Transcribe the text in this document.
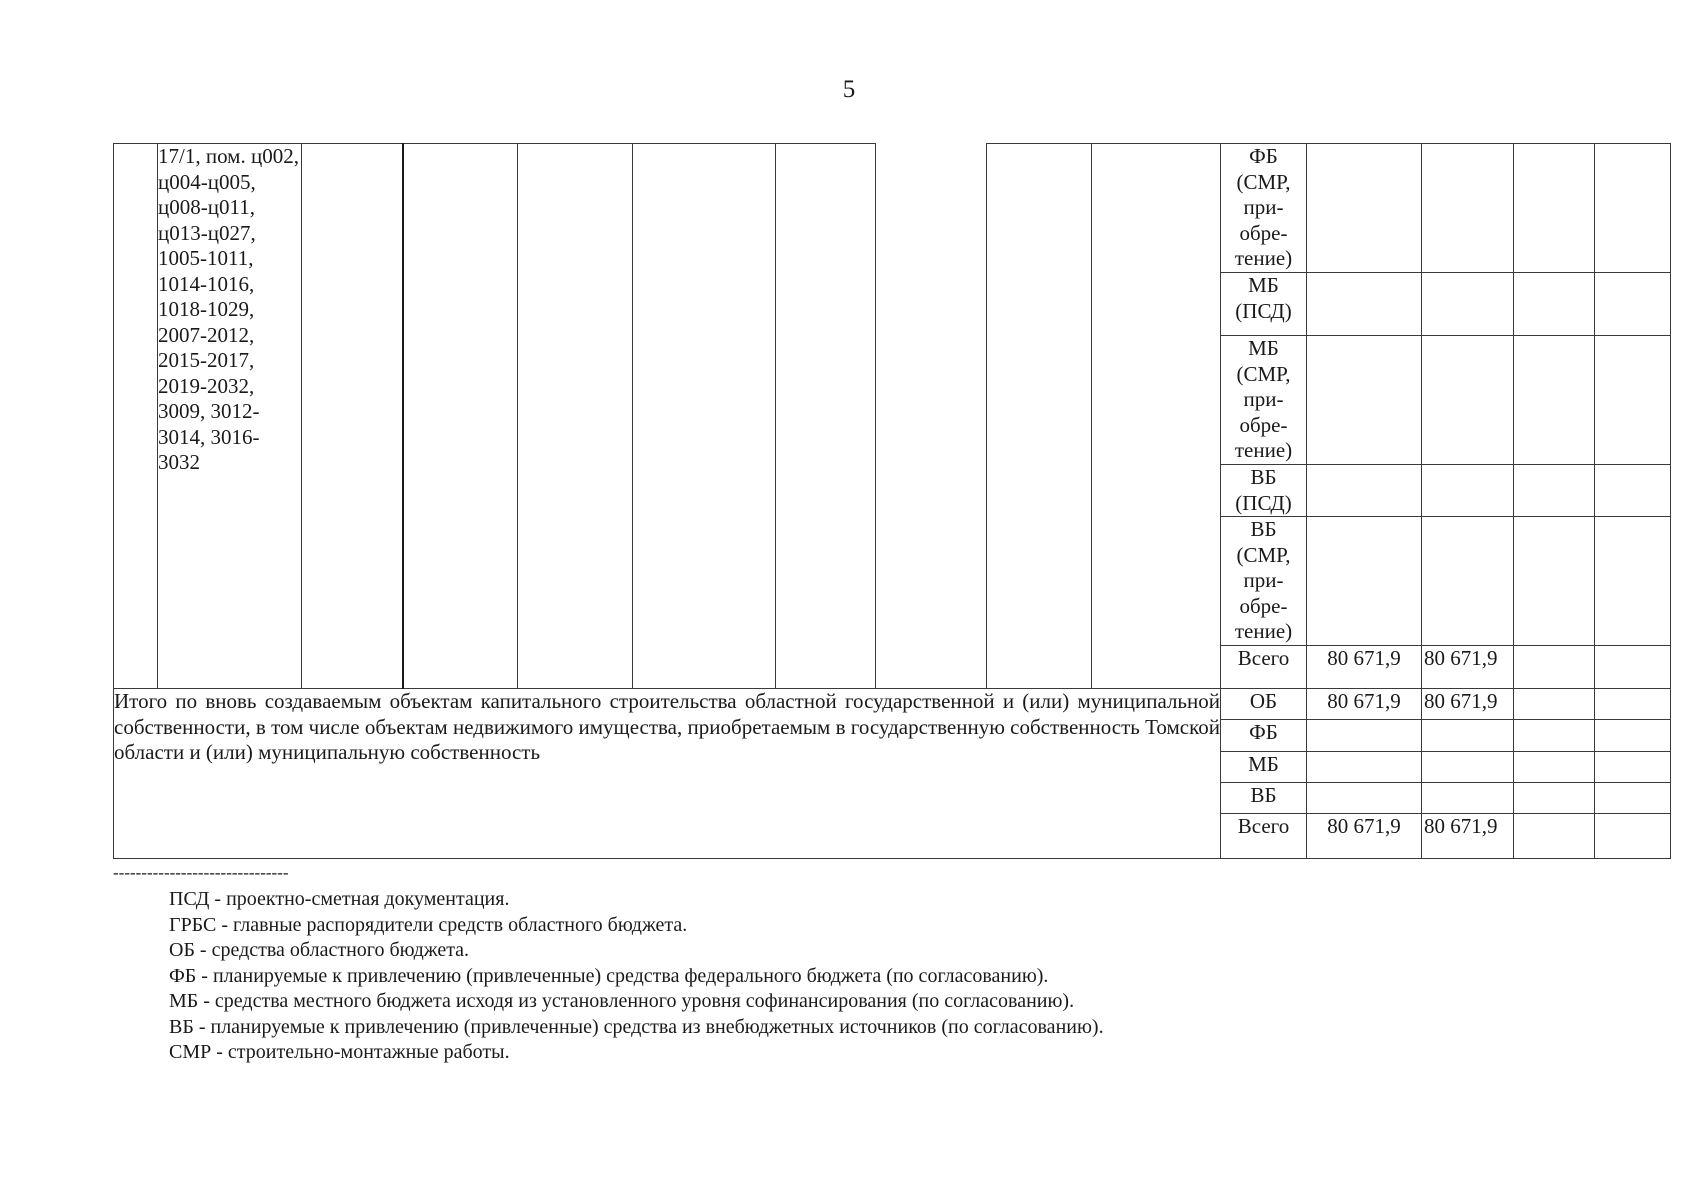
5
	17/1, пом. ц002, ц004-ц005, ц008-ц011, ц013-ц027, 1005-1011, 1014-1016, 1018-1029, 2007-2012, 2015-2017, 2019-2032, 3009, 3012-3014, 3016-3032									ФБ (СМР, при-обре-тение)				
										МБ (ПСД)				
										МБ (СМР, при-обре-тение)				
										ВБ (ПСД)				
										ВБ (СМР, при-обре-тение)				
										Всего	80 671,9	80 671,9		
Итого по вновь создаваемым объектам капитального строительства областной государственной и (или) муниципальной собственности, в том числе объектам недвижимого имущества, приобретаемым в государственную собственность Томской области и (или) муниципальную собственность										ОБ	80 671,9	80 671,9		
										ФБ				
										МБ				
										ВБ				
										Всего	80 671,9	80 671,9		
-------------------------------
ПСД - проектно-сметная документация.
ГРБС - главные распорядители средств областного бюджета.
ОБ - средства областного бюджета.
ФБ - планируемые к привлечению (привлеченные) средства федерального бюджета (по согласованию).
МБ - средства местного бюджета исходя из установленного уровня софинансирования (по согласованию).
ВБ - планируемые к привлечению (привлеченные) средства из внебюджетных источников (по согласованию).
СМР - строительно-монтажные работы.
